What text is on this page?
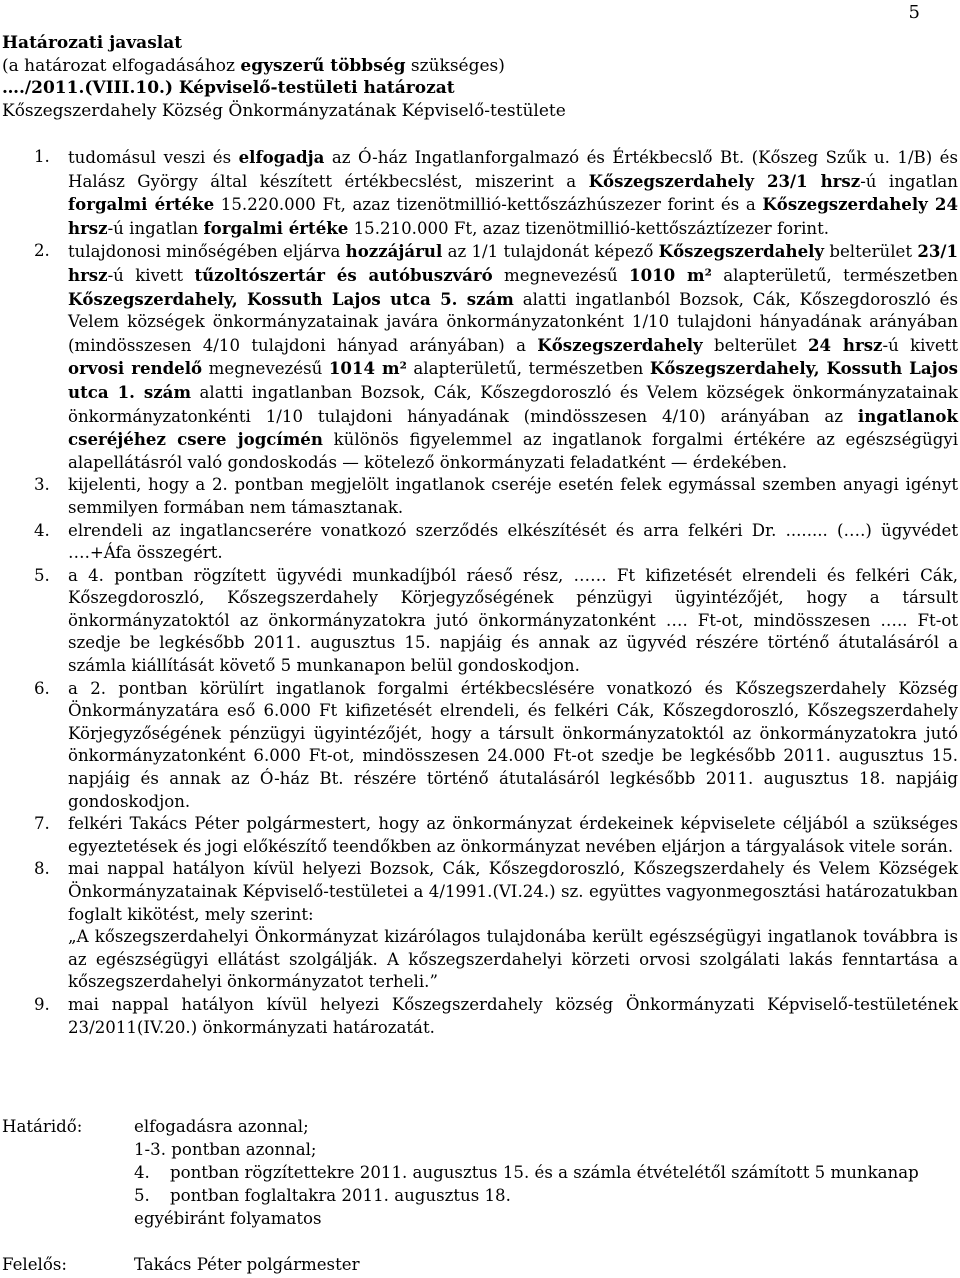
5
Határozati javaslat
(a határozat elfogadásához egyszerű többség szükséges)
…./2011.(VIII.10.) Képviselő-testületi határozat
Kőszegszerdahely Község Önkormányzatának Képviselő-testülete
1.	tudomásul veszi és elfogadja az Ó-ház Ingatlanforgalmazó és Értékbecslő Bt. (Kőszeg Szűk u. 1/B) és Halász György által készített értékbecslést, miszerint a Kőszegszerdahely 23/1 hrsz-ú ingatlan forgalmi értéke 15.220.000 Ft, azaz tizenötmillió-kettőszázhúszezer forint és a Kőszegszerdahely 24 hrsz-ú ingatlan forgalmi értéke 15.210.000 Ft, azaz tizenötmillió-kettőszáztízezer forint.
2.	tulajdonosi minőségében eljárva hozzájárul az 1/1 tulajdonát képező Kőszegszerdahely belterület 23/1 hrsz-ú kivett tűzoltószertár és autóbuszváró megnevezésű 1010 m² alapterületű, természetben Kőszegszerdahely, Kossuth Lajos utca 5. szám alatti ingatlanból Bozsok, Cák, Kőszegdoroszló és Velem községek önkormányzatainak javára önkormányzatonként 1/10 tulajdoni hányadának arányában (mindösszesen 4/10 tulajdoni hányad arányában) a Kőszegszerdahely belterület 24 hrsz-ú kivett orvosi rendelő megnevezésű 1014 m² alapterületű, természetben Kőszegszerdahely, Kossuth Lajos utca 1. szám alatti ingatlanban Bozsok, Cák, Kőszegdoroszló és Velem községek önkormányzatainak önkormányzatonkénti 1/10 tulajdoni hányadának (mindösszesen 4/10) arányában az ingatlanok cseréjéhez csere jogcímén különös figyelemmel az ingatlanok forgalmi értékére az egészségügyi alapellátásról való gondoskodás — kötelező önkormányzati feladatként — érdekében.
3.	kijelenti, hogy a 2. pontban megjelölt ingatlanok cseréje esetén felek egymással szemben anyagi igényt semmilyen formában nem támasztanak.
4.	elrendeli az ingatlancserére vonatkozó szerződés elkészítését és arra felkéri Dr. ........ (….) ügyvédet ….+Áfa összegért.
5.	a 4. pontban rögzített ügyvédi munkadíjból ráeső rész, …… Ft kifizetését elrendeli és felkéri Cák, Kőszegdoroszló, Kőszegszerdahely Körjegyzőségének pénzügyi ügyintézőjét, hogy a társult önkormányzatoktól az önkormányzatokra jutó önkormányzatonként …. Ft-ot, mindösszesen ….. Ft-ot szedje be legkésőbb 2011. augusztus 15. napjáig és annak az ügyvéd részére történő átutalásáról a számla kiállítását követő 5 munkanapon belül gondoskodjon.
6.	a 2. pontban körülírt ingatlanok forgalmi értékbecslésére vonatkozó és Kőszegszerdahely Község Önkormányzatára eső 6.000 Ft kifizetését elrendeli, és felkéri Cák, Kőszegdoroszló, Kőszegszerdahely Körjegyzőségének pénzügyi ügyintézőjét, hogy a társult önkormányzatoktól az önkormányzatokra jutó önkormányzatonként 6.000 Ft-ot, mindösszesen 24.000 Ft-ot szedje be legkésőbb 2011. augusztus 15. napjáig és annak az Ó-ház Bt. részére történő átutalásáról legkésőbb 2011. augusztus 18. napjáig gondoskodjon.
7.	felkéri Takács Péter polgármestert, hogy az önkormányzat érdekeinek képviselete céljából a szükséges egyeztetések és jogi előkészítő teendőkben az önkormányzat nevében eljárjon a tárgyalások vitele során.
8.	mai nappal hatályon kívül helyezi Bozsok, Cák, Kőszegdoroszló, Kőszegszerdahely és Velem Községek Önkormányzatainak Képviselő-testületei a 4/1991.(VI.24.) sz. együttes vagyonmegosztási határozatukban foglalt kikötést, mely szerint:
„A kőszegszerdahelyi Önkormányzat kizárólagos tulajdonába került egészségügyi ingatlanok továbbra is az egészségügyi ellátást szolgálják. A kőszegszerdahelyi körzeti orvosi szolgálati lakás fenntartása a kőszegszerdahelyi önkormányzatot terheli.”
9.	mai nappal hatályon kívül helyezi Kőszegszerdahely község Önkormányzati Képviselő-testületének 23/2011(IV.20.) önkormányzati határozatát.
Határidő:	elfogadásra azonnal;
1-3. pontban azonnal;
4. pontban rögzítettekre 2011. augusztus 15. és a számla étvételétől számított 5 munkanap
5. pontban foglaltakra 2011. augusztus 18.
egyébiránt folyamatos
Felelős:	Takács Péter polgármester
